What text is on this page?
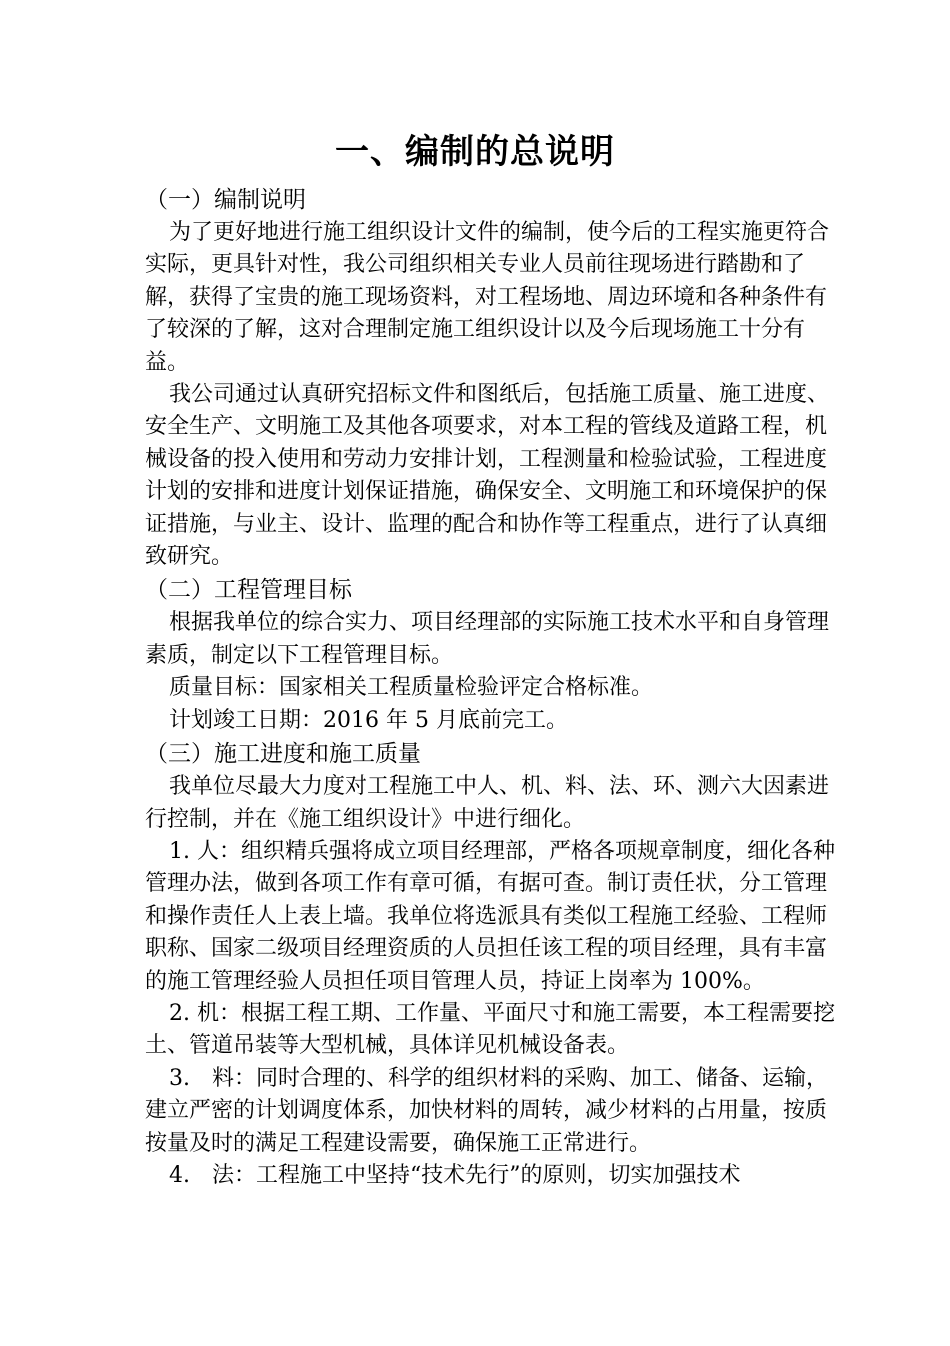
一、编制的总说明
（一）编制说明
为了更好地进行施工组织设计文件的编制，使今后的工程实施更符合实际，更具针对性，我公司组织相关专业人员前往现场进行踏勘和了解，获得了宝贵的施工现场资料，对工程场地、周边环境和各种条件有了较深的了解，这对合理制定施工组织设计以及今后现场施工十分有益。
我公司通过认真研究招标文件和图纸后，包括施工质量、施工进度、安全生产、文明施工及其他各项要求，对本工程的管线及道路工程，机械设备的投入使用和劳动力安排计划，工程测量和检验试验，工程进度计划的安排和进度计划保证措施，确保安全、文明施工和环境保护的保证措施，与业主、设计、监理的配合和协作等工程重点，进行了认真细致研究。
（二）工程管理目标
根据我单位的综合实力、项目经理部的实际施工技术水平和自身管理素质，制定以下工程管理目标。
质量目标：国家相关工程质量检验评定合格标准。
计划竣工日期：2016 年 5 月底前完工。
（三）施工进度和施工质量
我单位尽最大力度对工程施工中人、机、料、法、环、测六大因素进行控制，并在《施工组织设计》中进行细化。
1. 人：组织精兵强将成立项目经理部，严格各项规章制度，细化各种管理办法，做到各项工作有章可循，有据可查。制订责任状，分工管理和操作责任人上表上墙。我单位将选派具有类似工程施工经验、工程师职称、国家二级项目经理资质的人员担任该工程的项目经理，具有丰富的施工管理经验人员担任项目管理人员，持证上岗率为 100%。
2. 机：根据工程工期、工作量、平面尺寸和施工需要，本工程需要挖土、管道吊装等大型机械，具体详见机械设备表。
3.　料：同时合理的、科学的组织材料的采购、加工、储备、运输，建立严密的计划调度体系，加快材料的周转，减少材料的占用量，按质按量及时的满足工程建设需要，确保施工正常进行。
4.　法：工程施工中坚持“技术先行”的原则，切实加强技术
